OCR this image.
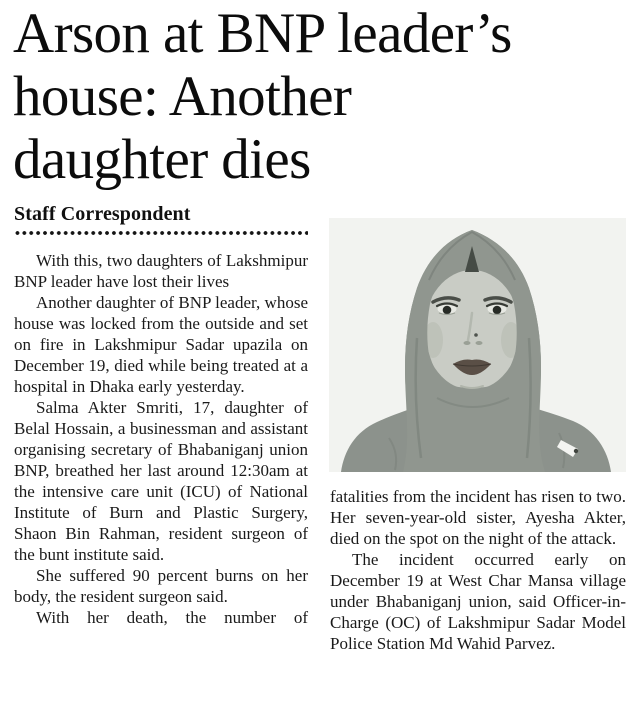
Arson at BNP leader’s
house: Another
daughter dies
Staff Correspondent

With this, two daughters of Lakshmipur BNP leader have lost their lives

Another daughter of BNP leader, whose house was locked from the outside and set on fire in Lakshmipur Sadar upazila on December 19, died while being treated at a hospital in Dhaka early yesterday.

Salma Akter Smriti, 17, daughter of Belal Hossain, a businessman and assistant organising secretary of Bhabaniganj union BNP, breathed her last around 12:30am at the intensive care unit (ICU) of National Institute of Burn and Plastic Surgery, Shaon Bin Rahman, resident surgeon of the bunt institute said.

She suffered 90 percent burns on her body, the resident surgeon said.

With her death, the number of

fatalities from the incident has risen to two. Her seven-year-old sister, Ayesha Akter, died on the spot on the night of the attack.

The incident occurred early on December 19 at West Char Mansa village under Bhabaniganj union, said Officer-in-Charge (OC) of Lakshmipur Sadar Model Police Station Md Wahid Parvez.
